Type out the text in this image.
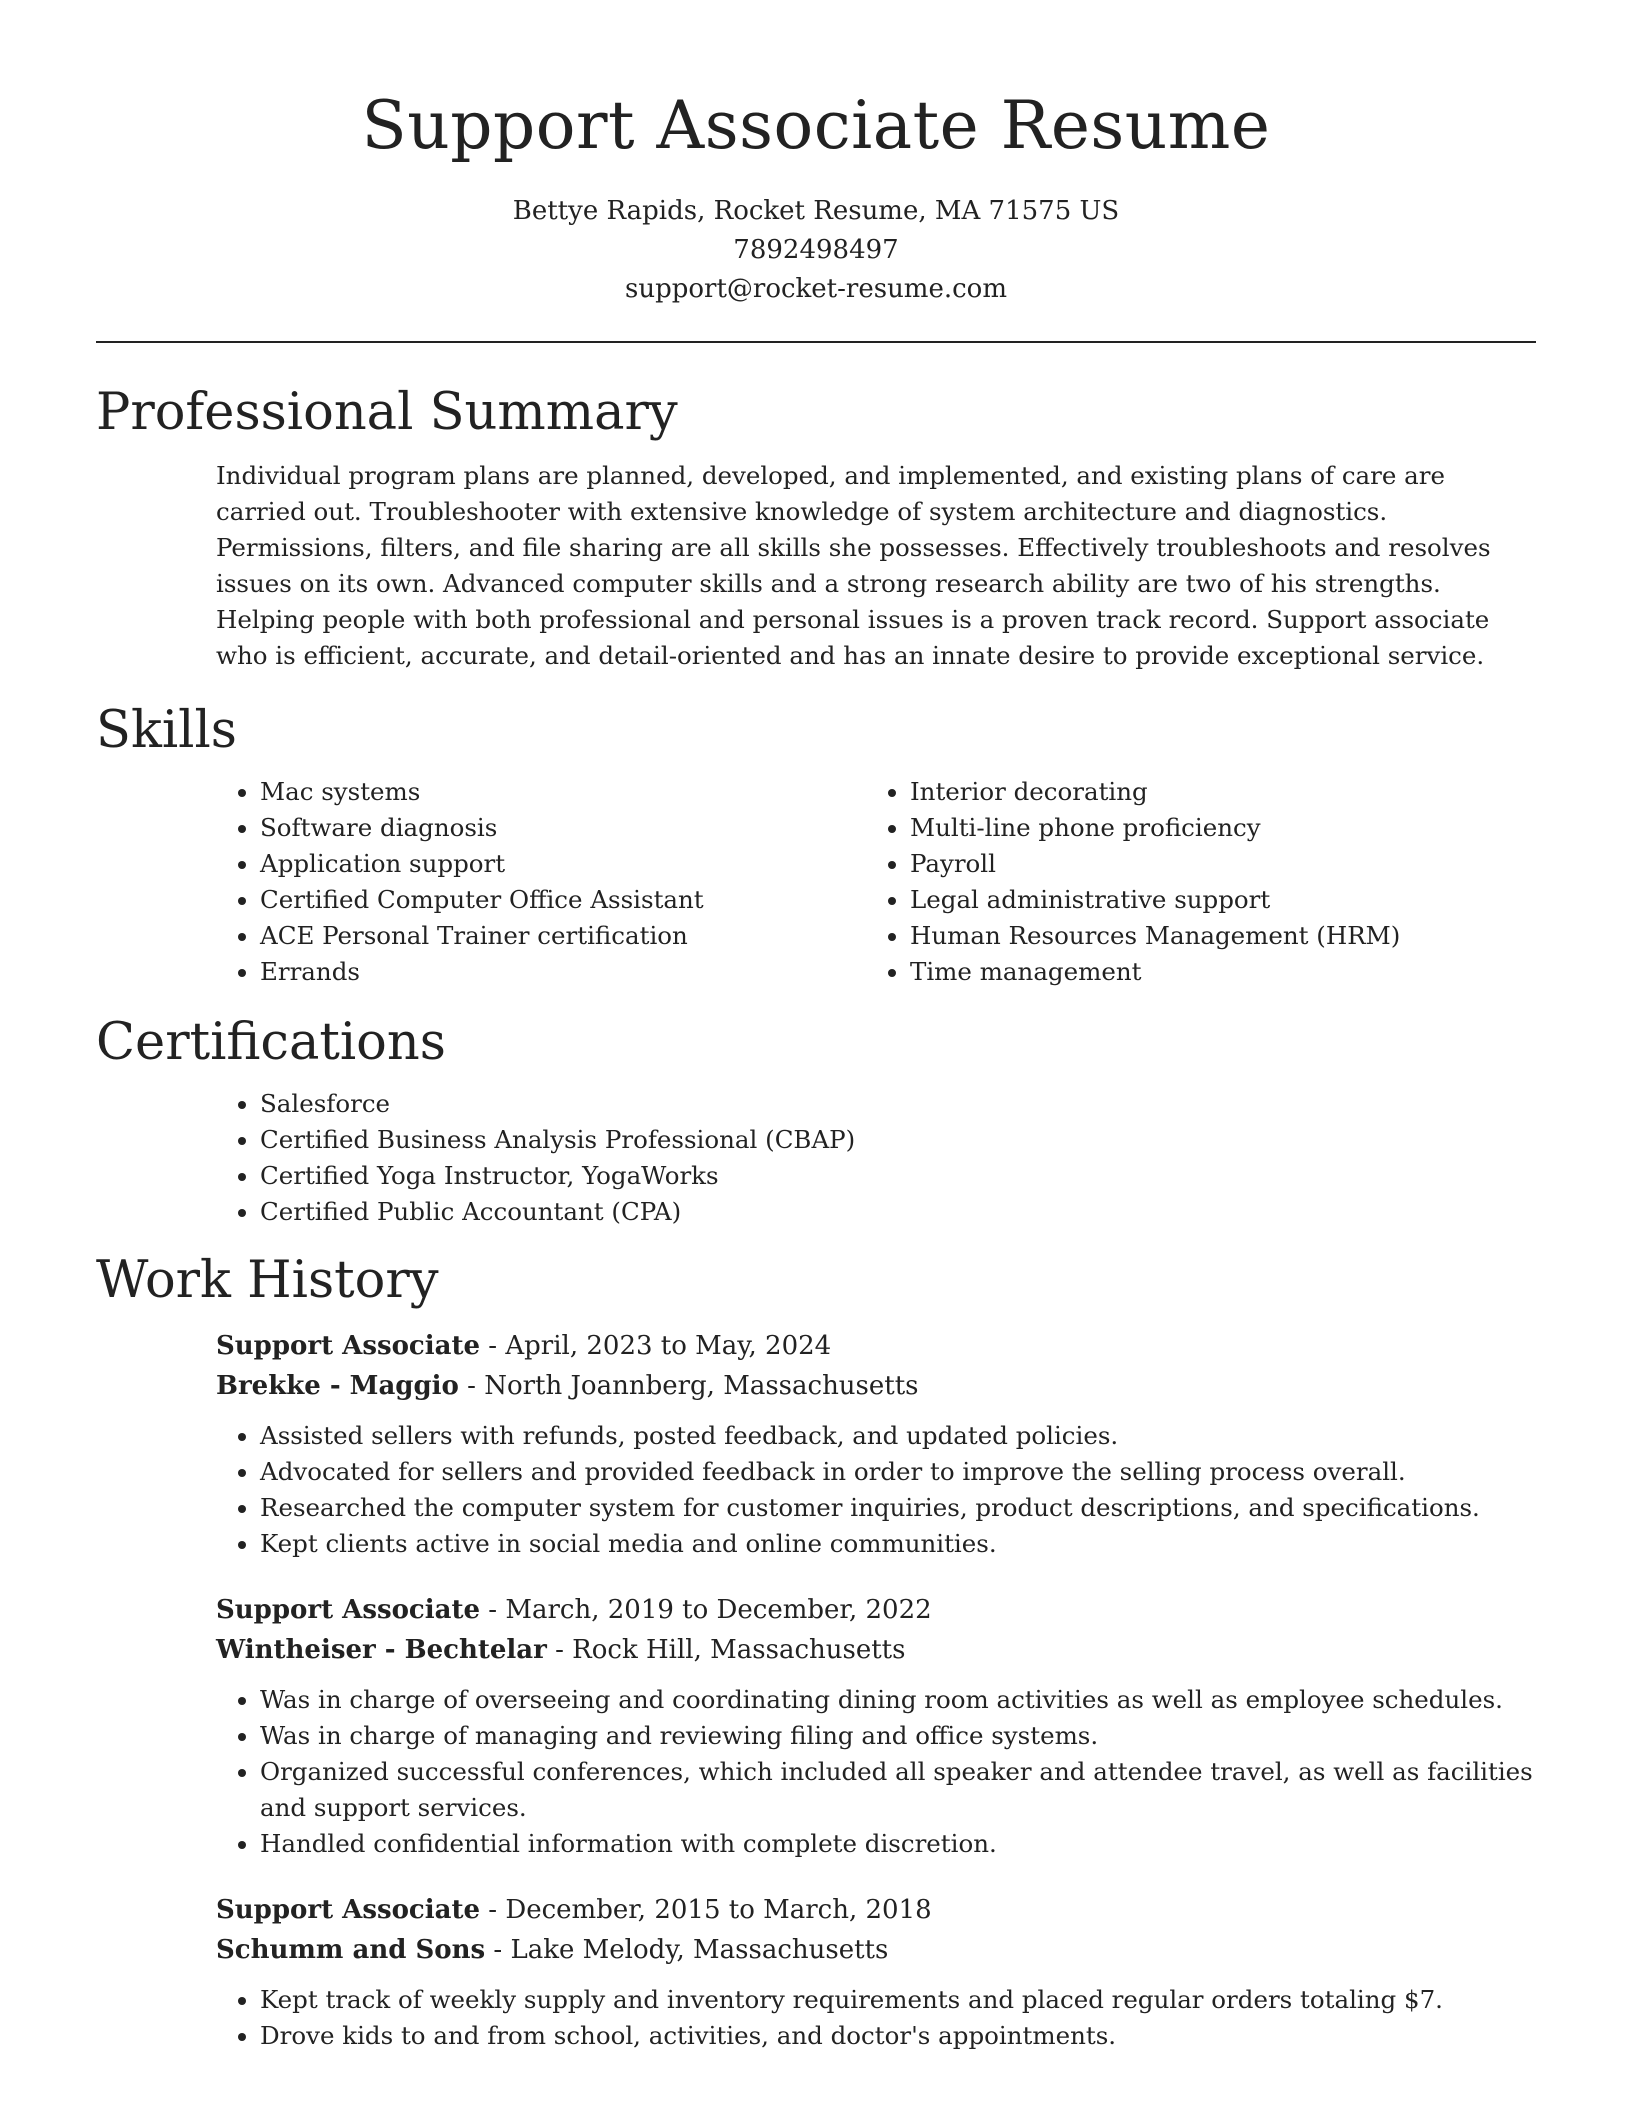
Support Associate Resume
Bettye Rapids, Rocket Resume, MA 71575 US
7892498497
support@rocket-resume.com
Professional Summary

Individual program plans are planned, developed, and implemented, and existing plans of care are carried out. Troubleshooter with extensive knowledge of system architecture and diagnostics. Permissions, filters, and file sharing are all skills she possesses. Effectively troubleshoots and resolves issues on its own. Advanced computer skills and a strong research ability are two of his strengths. Helping people with both professional and personal issues is a proven track record. Support associate who is efficient, accurate, and detail-oriented and has an innate desire to provide exceptional service.

Skills
• Mac systems
• Software diagnosis
• Application support
• Certified Computer Office Assistant
• ACE Personal Trainer certification
• Errands
• Interior decorating
• Multi-line phone proficiency
• Payroll
• Legal administrative support
• Human Resources Management (HRM)
• Time management
Certifications
• Salesforce
• Certified Business Analysis Professional (CBAP)
• Certified Yoga Instructor, YogaWorks
• Certified Public Accountant (CPA)
Work History
Support Associate - April, 2023 to May, 2024
Brekke - Maggio - North Joannberg, Massachusetts
• Assisted sellers with refunds, posted feedback, and updated policies.
• Advocated for sellers and provided feedback in order to improve the selling process overall.
• Researched the computer system for customer inquiries, product descriptions, and specifications.
• Kept clients active in social media and online communities.
Support Associate - March, 2019 to December, 2022
Wintheiser - Bechtelar - Rock Hill, Massachusetts
• Was in charge of overseeing and coordinating dining room activities as well as employee schedules.
• Was in charge of managing and reviewing filing and office systems.
• Organized successful conferences, which included all speaker and attendee travel, as well as facilities and support services.
• Handled confidential information with complete discretion.
Support Associate - December, 2015 to March, 2018
Schumm and Sons - Lake Melody, Massachusetts
• Kept track of weekly supply and inventory requirements and placed regular orders totaling $7.
• Drove kids to and from school, activities, and doctor's appointments.
